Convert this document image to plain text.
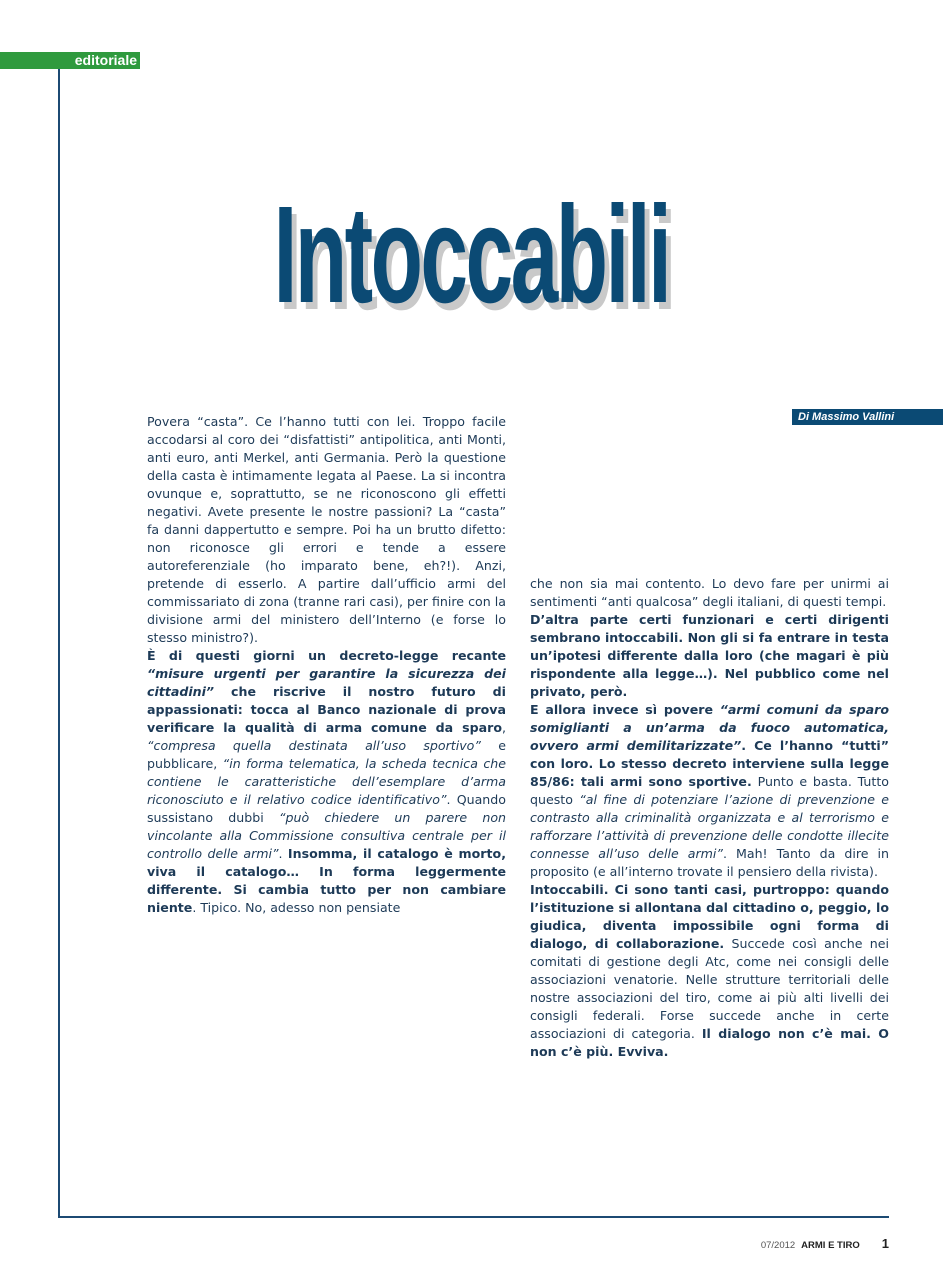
editoriale
Intoccabili
Di Massimo Vallini

Povera “casta”. Ce l’hanno tutti con lei. Troppo facile accodarsi al coro dei “disfattisti” antipolitica, anti Monti, anti euro, anti Merkel, anti Germania. Però la questione della casta è intimamente legata al Paese. La si incontra ovunque e, soprattutto, se ne riconoscono gli effetti negativi. Avete presente le nostre passioni? La “casta” fa danni dappertutto e sempre. Poi ha un brutto difetto: non riconosce gli errori e tende a essere autoreferenziale (ho imparato bene, eh?!). Anzi, pretende di esserlo. A partire dall’ufficio armi del commissariato di zona (tranne rari casi), per finire con la divisione armi del ministero dell’Interno (e forse lo stesso ministro?).

È di questi giorni un decreto-legge recante “misure urgenti per garantire la sicurezza dei cittadini” che riscrive il nostro futuro di appassionati: tocca al Banco nazionale di prova verificare la qualità di arma comune da sparo, “compresa quella destinata all’uso sportivo” e pubblicare, “in forma telematica, la scheda tecnica che contiene le caratteristiche dell’esemplare d’arma riconosciuto e il relativo codice identificativo”. Quando sussistano dubbi “può chiedere un parere non vincolante alla Commissione consultiva centrale per il controllo delle armi”. Insomma, il catalogo è morto, viva il catalogo… In forma leggermente differente. Si cambia tutto per non cambiare niente. Tipico. No, adesso non pensiate

che non sia mai contento. Lo devo fare per unirmi ai sentimenti “anti qualcosa” degli italiani, di questi tempi.

D’altra parte certi funzionari e certi dirigenti sembrano intoccabili. Non gli si fa entrare in testa un’ipotesi differente dalla loro (che magari è più rispondente alla legge…). Nel pubblico come nel privato, però.

E allora invece sì povere “armi comuni da sparo somiglianti a un’arma da fuoco automatica, ovvero armi demilitarizzate”. Ce l’hanno “tutti” con loro. Lo stesso decreto interviene sulla legge 85/86: tali armi sono sportive. Punto e basta. Tutto questo “al fine di potenziare l’azione di prevenzione e contrasto alla criminalità organizzata e al terrorismo e rafforzare l’attività di prevenzione delle condotte illecite connesse all’uso delle armi”. Mah! Tanto da dire in proposito (e all’interno trovate il pensiero della rivista).

Intoccabili. Ci sono tanti casi, purtroppo: quando l’istituzione si allontana dal cittadino o, peggio, lo giudica, diventa impossibile ogni forma di dialogo, di collaborazione. Succede così anche nei comitati di gestione degli Atc, come nei consigli delle associazioni venatorie. Nelle strutture territoriali delle nostre associazioni del tiro, come ai più alti livelli dei consigli federali. Forse succede anche in certe associazioni di categoria. Il dialogo non c’è mai. O non c’è più. Evviva.

07/2012 ARMI E TIRO 1
